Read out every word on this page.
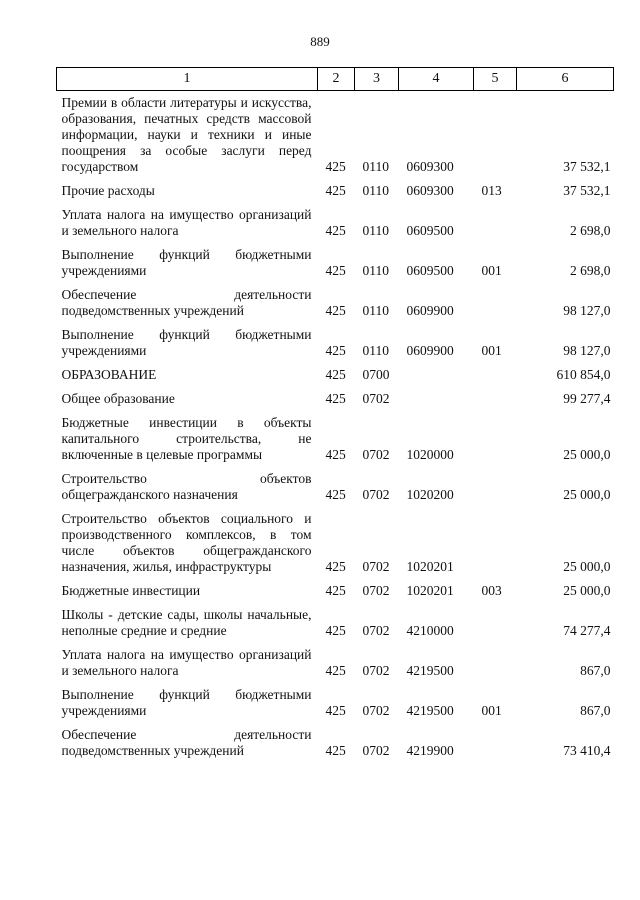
889
1	2	3	4	5	6
Премии в области литературы и искусства, образования, печатных средств массовой информации, науки и техники и иные поощрения за особые заслуги перед государством	425	0110	0609300		37 532,1
Прочие расходы	425	0110	0609300	013	37 532,1
Уплата налога на имущество организаций и земельного налога	425	0110	0609500		2 698,0
Выполнение функций бюджетными учреждениями	425	0110	0609500	001	2 698,0
Обеспечение деятельности подведомственных учреждений	425	0110	0609900		98 127,0
Выполнение функций бюджетными учреждениями	425	0110	0609900	001	98 127,0
ОБРАЗОВАНИЕ	425	0700			610 854,0
Общее образование	425	0702			99 277,4
Бюджетные инвестиции в объекты капитального строительства, не включенные в целевые программы	425	0702	1020000		25 000,0
Строительство объектов общегражданского назначения	425	0702	1020200		25 000,0
Строительство объектов социального и производственного комплексов, в том числе объектов общегражданского назначения, жилья, инфраструктуры	425	0702	1020201		25 000,0
Бюджетные инвестиции	425	0702	1020201	003	25 000,0
Школы - детские сады, школы начальные, неполные средние и средние	425	0702	4210000		74 277,4
Уплата налога на имущество организаций и земельного налога	425	0702	4219500		867,0
Выполнение функций бюджетными учреждениями	425	0702	4219500	001	867,0
Обеспечение деятельности подведомственных учреждений	425	0702	4219900		73 410,4
